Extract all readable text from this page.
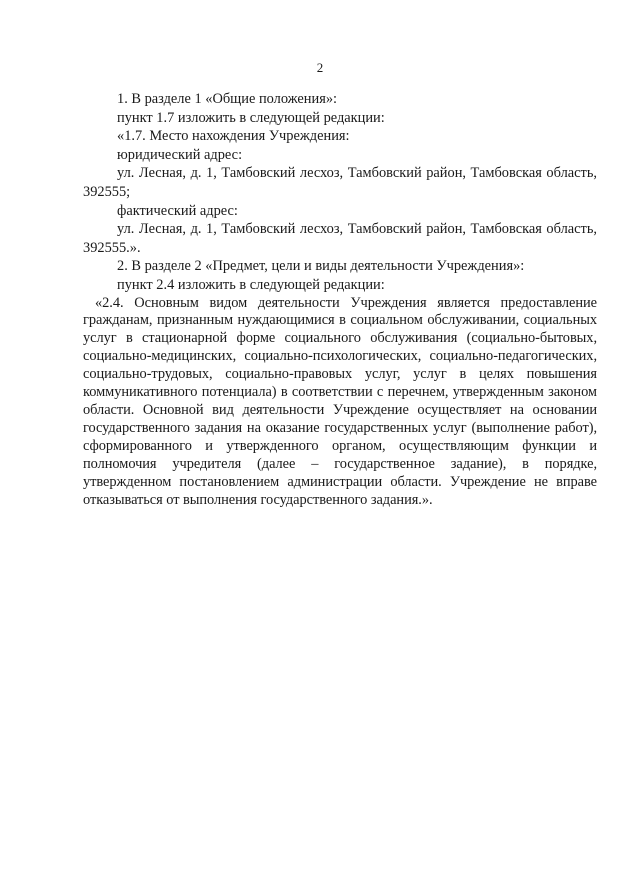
2

1. В разделе 1 «Общие положения»:

пункт 1.7 изложить в следующей редакции:

«1.7. Место нахождения Учреждения:

юридический адрес:

ул. Лесная, д. 1, Тамбовский лесхоз, Тамбовский район, Тамбовская область, 392555;

фактический адрес:

ул. Лесная, д. 1, Тамбовский лесхоз, Тамбовский район, Тамбовская область, 392555.».

2. В разделе 2 «Предмет, цели и виды деятельности Учреждения»:

пункт 2.4 изложить в следующей редакции:

«2.4. Основным видом деятельности Учреждения является предоставление гражданам, признанным нуждающимися в социальном обслуживании, социальных услуг в стационарной форме социального обслуживания (социально-бытовых, социально-медицинских, социально-психологических, социально-педагогических, социально-трудовых, социально-правовых услуг, услуг в целях повышения коммуникативного потенциала) в соответствии с перечнем, утвержденным законом области. Основной вид деятельности Учреждение осуществляет на основании государственного задания на оказание государственных услуг (выполнение работ), сформированного и утвержденного органом, осуществляющим функции и полномочия учредителя (далее – государственное задание), в порядке, утвержденном постановлением администрации области. Учреждение не вправе отказываться от выполнения государственного задания.».
